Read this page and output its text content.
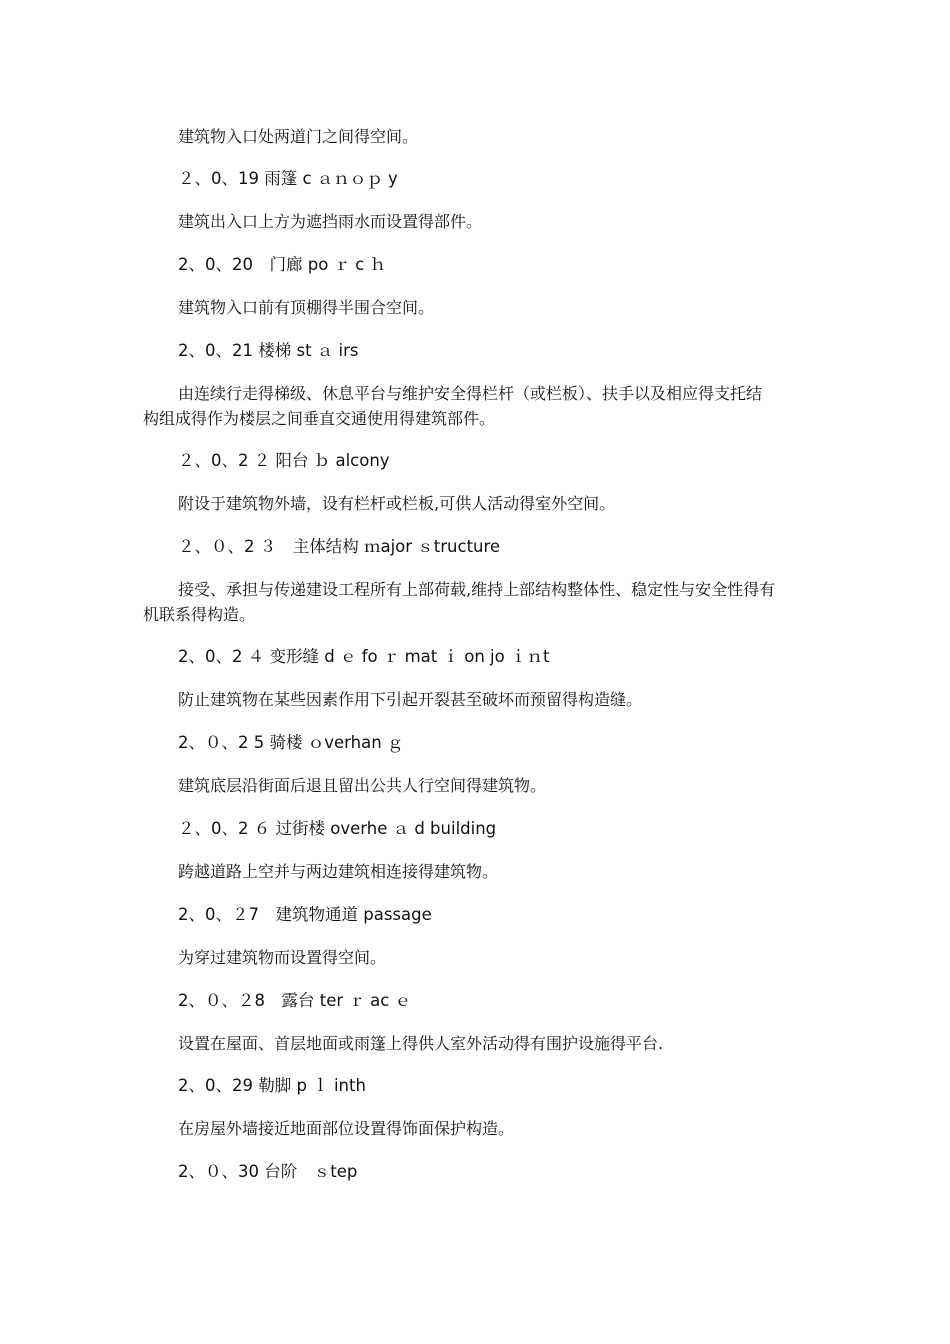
建筑物入口处两道门之间得空间。
２、0、19 雨篷 c ａｎｏｐ y
建筑出入口上方为遮挡雨水而设置得部件。
2、0、20　门廊 po ｒ c ｈ
建筑物入口前有顶棚得半围合空间。
2、0、21 楼梯 st ａ irs
由连续行走得梯级、休息平台与维护安全得栏杆（或栏板）、扶手以及相应得支托结
构组成得作为楼层之间垂直交通使用得建筑部件。
２、0、2 ２ 阳台 ｂ alcony
附设于建筑物外墙，设有栏杆或栏板,可供人活动得室外空间。
２、０、2 ３　主体结构 ｍajor ｓtructure
接受、承担与传递建设工程所有上部荷载,维持上部结构整体性、稳定性与安全性得有
机联系得构造。
2、0、2 ４ 变形缝 d ｅ fo ｒ mat ｉ on jo ｉｎt
防止建筑物在某些因素作用下引起开裂甚至破坏而预留得构造缝。
2、０、2 5 骑楼 ｏverhan ｇ
建筑底层沿街面后退且留出公共人行空间得建筑物。
２、0、2 ６ 过街楼 overhe ａ d building
跨越道路上空并与两边建筑相连接得建筑物。
2、0、２7　建筑物通道 passage
为穿过建筑物而设置得空间。
2、０、２8　露台 ter ｒ ac ｅ
设置在屋面、首层地面或雨篷上得供人室外活动得有围护设施得平台.
2、0、29 勒脚 p ｌ inth
在房屋外墙接近地面部位设置得饰面保护构造。
2、０、30 台阶　ｓtep
